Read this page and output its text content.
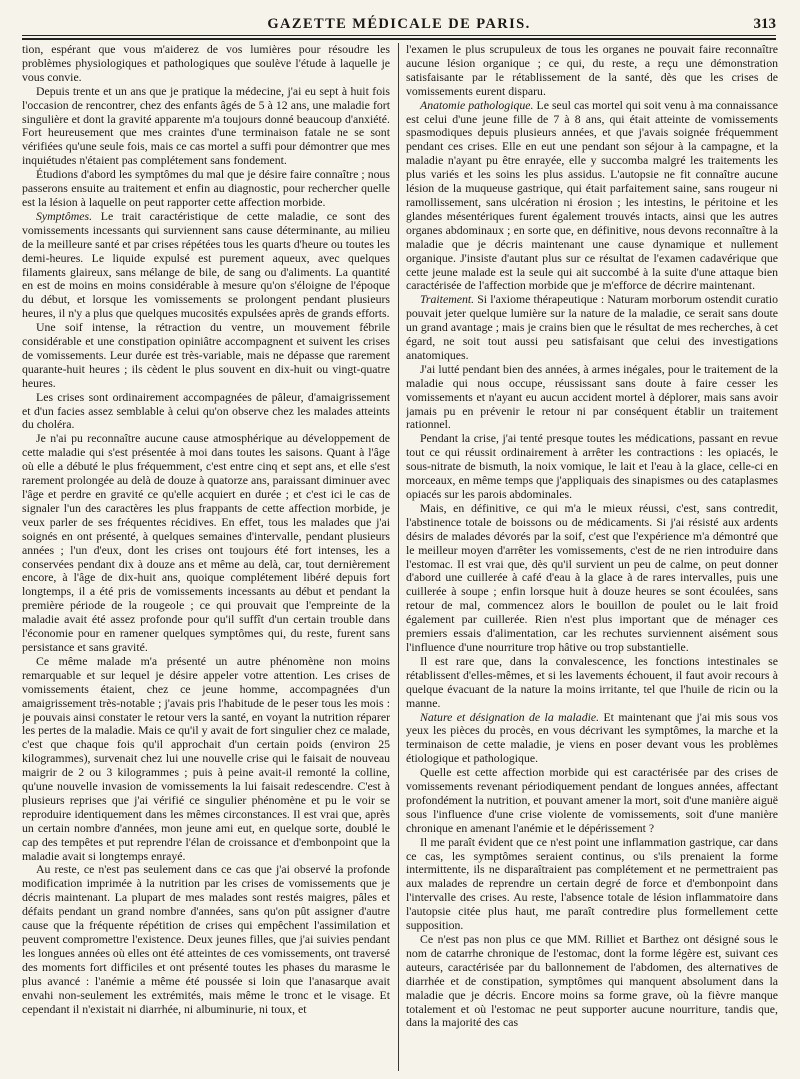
GAZETTE MÉDICALE DE PARIS.	313

tion, espérant que vous m'aiderez de vos lumières pour résoudre les problèmes physiologiques et pathologiques que soulève l'étude à laquelle je vous convie.

Depuis trente et un ans que je pratique la médecine, j'ai eu sept à huit fois l'occasion de rencontrer, chez des enfants âgés de 5 à 12 ans, une maladie fort singulière et dont la gravité apparente m'a toujours donné beaucoup d'anxiété. Fort heureusement que mes craintes d'une terminaison fatale ne se sont vérifiées qu'une seule fois, mais ce cas mortel a suffi pour démontrer que mes inquiétudes n'étaient pas complétement sans fondement.

Étudions d'abord les symptômes du mal que je désire faire connaître ; nous passerons ensuite au traitement et enfin au diagnostic, pour rechercher quelle est la lésion à laquelle on peut rapporter cette affection morbide.

Symptômes. Le trait caractéristique de cette maladie, ce sont des vomissements incessants qui surviennent sans cause déterminante, au milieu de la meilleure santé et par crises répétées tous les quarts d'heure ou toutes les demi-heures. Le liquide expulsé est purement aqueux, avec quelques filaments glaireux, sans mélange de bile, de sang ou d'aliments. La quantité en est de moins en moins considérable à mesure qu'on s'éloigne de l'époque du début, et lorsque les vomissements se prolongent pendant plusieurs heures, il n'y a plus que quelques mucosités expulsées après de grands efforts.

Une soif intense, la rétraction du ventre, un mouvement fébrile considérable et une constipation opiniâtre accompagnent et suivent les crises de vomissements. Leur durée est très-variable, mais ne dépasse que rarement quarante-huit heures ; ils cèdent le plus souvent en dix-huit ou vingt-quatre heures.

Les crises sont ordinairement accompagnées de pâleur, d'amaigrissement et d'un facies assez semblable à celui qu'on observe chez les malades atteints du choléra.

Je n'ai pu reconnaître aucune cause atmosphérique au développement de cette maladie qui s'est présentée à moi dans toutes les saisons. Quant à l'âge où elle a débuté le plus fréquemment, c'est entre cinq et sept ans, et elle s'est rarement prolongée au delà de douze à quatorze ans, paraissant diminuer avec l'âge et perdre en gravité ce qu'elle acquiert en durée ; et c'est ici le cas de signaler l'un des caractères les plus frappants de cette affection morbide, je veux parler de ses fréquentes récidives. En effet, tous les malades que j'ai soignés en ont présenté, à quelques semaines d'intervalle, pendant plusieurs années ; l'un d'eux, dont les crises ont toujours été fort intenses, les a conservées pendant dix à douze ans et même au delà, car, tout dernièrement encore, à l'âge de dix-huit ans, quoique complétement libéré depuis fort longtemps, il a été pris de vomissements incessants au début et pendant la première période de la rougeole ; ce qui prouvait que l'empreinte de la maladie avait été assez profonde pour qu'il suffît d'un certain trouble dans l'économie pour en ramener quelques symptômes qui, du reste, furent sans persistance et sans gravité.

Ce même malade m'a présenté un autre phénomène non moins remarquable et sur lequel je désire appeler votre attention. Les crises de vomissements étaient, chez ce jeune homme, accompagnées d'un amaigrissement très-notable ; j'avais pris l'habitude de le peser tous les mois : je pouvais ainsi constater le retour vers la santé, en voyant la nutrition réparer les pertes de la maladie. Mais ce qu'il y avait de fort singulier chez ce malade, c'est que chaque fois qu'il approchait d'un certain poids (environ 25 kilogrammes), survenait chez lui une nouvelle crise qui le faisait de nouveau maigrir de 2 ou 3 kilogrammes ; puis à peine avait-il remonté la colline, qu'une nouvelle invasion de vomissements la lui faisait redescendre. C'est à plusieurs reprises que j'ai vérifié ce singulier phénomène et pu le voir se reproduire identiquement dans les mêmes circonstances. Il est vrai que, après un certain nombre d'années, mon jeune ami eut, en quelque sorte, doublé le cap des tempêtes et put reprendre l'élan de croissance et d'embonpoint que la maladie avait si longtemps enrayé.

Au reste, ce n'est pas seulement dans ce cas que j'ai observé la profonde modification imprimée à la nutrition par les crises de vomissements que je décris maintenant. La plupart de mes malades sont restés maigres, pâles et défaits pendant un grand nombre d'années, sans qu'on pût assigner d'autre cause que la fréquente répétition de crises qui empêchent l'assimilation et peuvent compromettre l'existence. Deux jeunes filles, que j'ai suivies pendant les longues années où elles ont été atteintes de ces vomissements, ont traversé des moments fort difficiles et ont présenté toutes les phases du marasme le plus avancé : l'anémie a même été poussée si loin que l'anasarque avait envahi non-seulement les extrémités, mais même le tronc et le visage. Et cependant il n'existait ni diarrhée, ni albuminurie, ni toux, et

l'examen le plus scrupuleux de tous les organes ne pouvait faire reconnaître aucune lésion organique ; ce qui, du reste, a reçu une démonstration satisfaisante par le rétablissement de la santé, dès que les crises de vomissements eurent disparu.

Anatomie pathologique. Le seul cas mortel qui soit venu à ma connaissance est celui d'une jeune fille de 7 à 8 ans, qui était atteinte de vomissements spasmodiques depuis plusieurs années, et que j'avais soignée fréquemment pendant ces crises. Elle en eut une pendant son séjour à la campagne, et la maladie n'ayant pu être enrayée, elle y succomba malgré les traitements les plus variés et les soins les plus assidus. L'autopsie ne fit connaître aucune lésion de la muqueuse gastrique, qui était parfaitement saine, sans rougeur ni ramollissement, sans ulcération ni érosion ; les intestins, le péritoine et les glandes mésentériques furent également trouvés intacts, ainsi que les autres organes abdominaux ; en sorte que, en définitive, nous devons reconnaître à la maladie que je décris maintenant une cause dynamique et nullement organique. J'insiste d'autant plus sur ce résultat de l'examen cadavérique que cette jeune malade est la seule qui ait succombé à la suite d'une attaque bien caractérisée de l'affection morbide que je m'efforce de décrire maintenant.

Traitement. Si l'axiome thérapeutique : Naturam morborum ostendit curatio pouvait jeter quelque lumière sur la nature de la maladie, ce serait sans doute un grand avantage ; mais je crains bien que le résultat de mes recherches, à cet égard, ne soit tout aussi peu satisfaisant que celui des investigations anatomiques.

J'ai lutté pendant bien des années, à armes inégales, pour le traitement de la maladie qui nous occupe, réussissant sans doute à faire cesser les vomissements et n'ayant eu aucun accident mortel à déplorer, mais sans avoir jamais pu en prévenir le retour ni par conséquent établir un traitement rationnel.

Pendant la crise, j'ai tenté presque toutes les médications, passant en revue tout ce qui réussit ordinairement à arrêter les contractions : les opiacés, le sous-nitrate de bismuth, la noix vomique, le lait et l'eau à la glace, celle-ci en morceaux, en même temps que j'appliquais des sinapismes ou des cataplasmes opiacés sur les parois abdominales.

Mais, en définitive, ce qui m'a le mieux réussi, c'est, sans contredit, l'abstinence totale de boissons ou de médicaments. Si j'ai résisté aux ardents désirs de malades dévorés par la soif, c'est que l'expérience m'a démontré que le meilleur moyen d'arrêter les vomissements, c'est de ne rien introduire dans l'estomac. Il est vrai que, dès qu'il survient un peu de calme, on peut donner d'abord une cuillerée à café d'eau à la glace à de rares intervalles, puis une cuillerée à soupe ; enfin lorsque huit à douze heures se sont écoulées, sans retour de mal, commencez alors le bouillon de poulet ou le lait froid également par cuillerée. Rien n'est plus important que de ménager ces premiers essais d'alimentation, car les rechutes surviennent aisément sous l'influence d'une nourriture trop hâtive ou trop substantielle.

Il est rare que, dans la convalescence, les fonctions intestinales se rétablissent d'elles-mêmes, et si les lavements échouent, il faut avoir recours à quelque évacuant de la nature la moins irritante, tel que l'huile de ricin ou la manne.

Nature et désignation de la maladie. Et maintenant que j'ai mis sous vos yeux les pièces du procès, en vous décrivant les symptômes, la marche et la terminaison de cette maladie, je viens en poser devant vous les problèmes étiologique et pathologique.

Quelle est cette affection morbide qui est caractérisée par des crises de vomissements revenant périodiquement pendant de longues années, affectant profondément la nutrition, et pouvant amener la mort, soit d'une manière aiguë sous l'influence d'une crise violente de vomissements, soit d'une manière chronique en amenant l'anémie et le dépérissement ?

Il me paraît évident que ce n'est point une inflammation gastrique, car dans ce cas, les symptômes seraient continus, ou s'ils prenaient la forme intermittente, ils ne disparaîtraient pas complétement et ne permettraient pas aux malades de reprendre un certain degré de force et d'embonpoint dans l'intervalle des crises. Au reste, l'absence totale de lésion inflammatoire dans l'autopsie citée plus haut, me paraît contredire plus formellement cette supposition.

Ce n'est pas non plus ce que MM. Rilliet et Barthez ont désigné sous le nom de catarrhe chronique de l'estomac, dont la forme légère est, suivant ces auteurs, caractérisée par du ballonnement de l'abdomen, des alternatives de diarrhée et de constipation, symptômes qui manquent absolument dans la maladie que je décris. Encore moins sa forme grave, où la fièvre manque totalement et où l'estomac ne peut supporter aucune nourriture, tandis que, dans la majorité des cas
